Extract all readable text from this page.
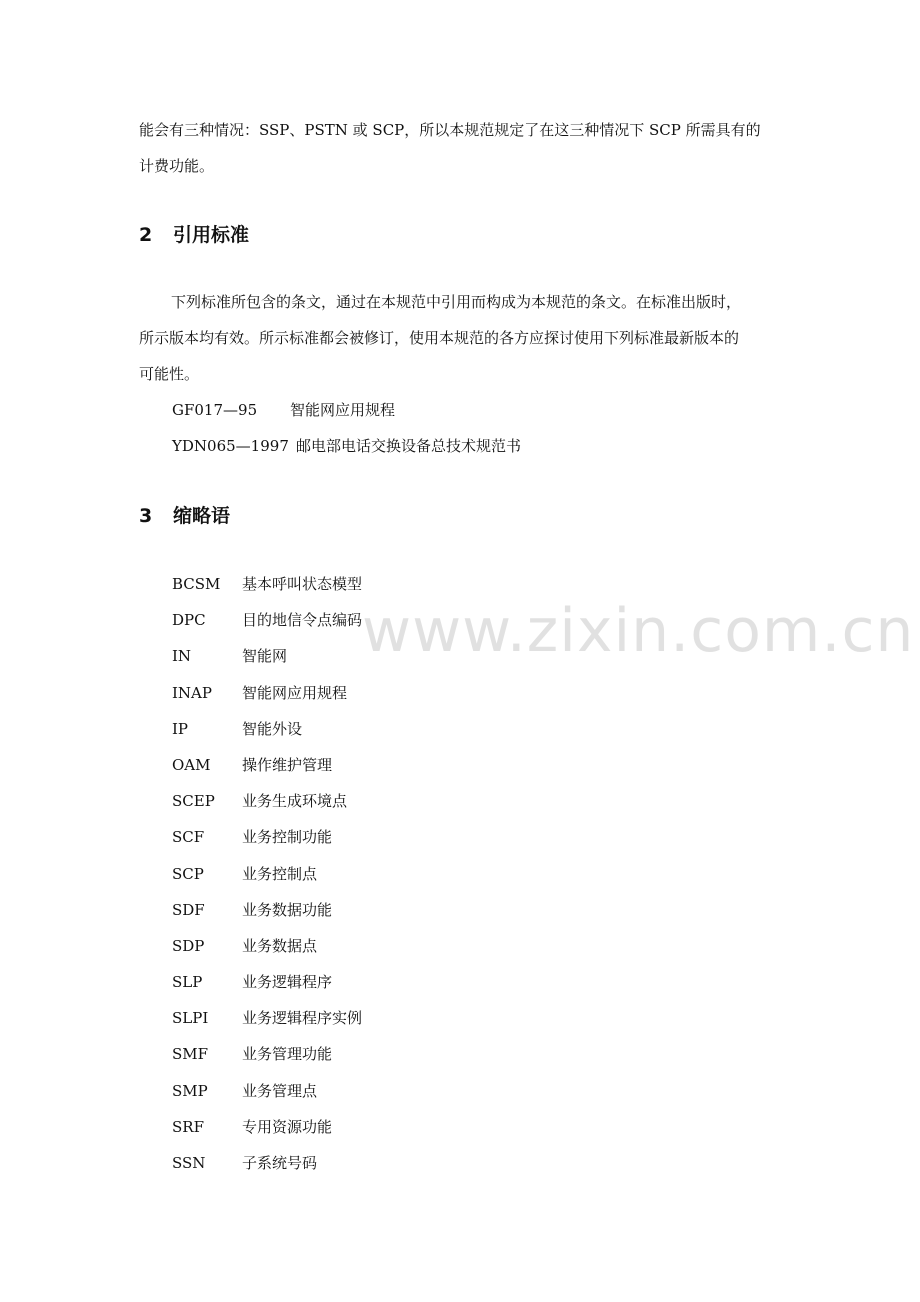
能会有三种情况：SSP、PSTN 或 SCP，所以本规范规定了在这三种情况下 SCP 所需具有的
计费功能。
2 引用标准
下列标准所包含的条文，通过在本规范中引用而构成为本规范的条文。在标准出版时，
所示版本均有效。所示标准都会被修订，使用本规范的各方应探讨使用下列标准最新版本的
可能性。
GF017—95 智能网应用规程
YDN065—1997 邮电部电话交换设备总技术规范书
3 缩略语
BCSM 基本呼叫状态模型
DPC 目的地信令点编码
IN	智能网
INAP 智能网应用规程
IP	智能外设
OAM 操作维护管理
SCEP 业务生成环境点
SCF	业务控制功能
SCP	业务控制点
SDF 业务数据功能
SDP	业务数据点
SLP	业务逻辑程序
SLPI 业务逻辑程序实例
SMF 业务管理功能
SMP 业务管理点
SRF	专用资源功能
SSN 子系统号码
www.zixin.com.cn
